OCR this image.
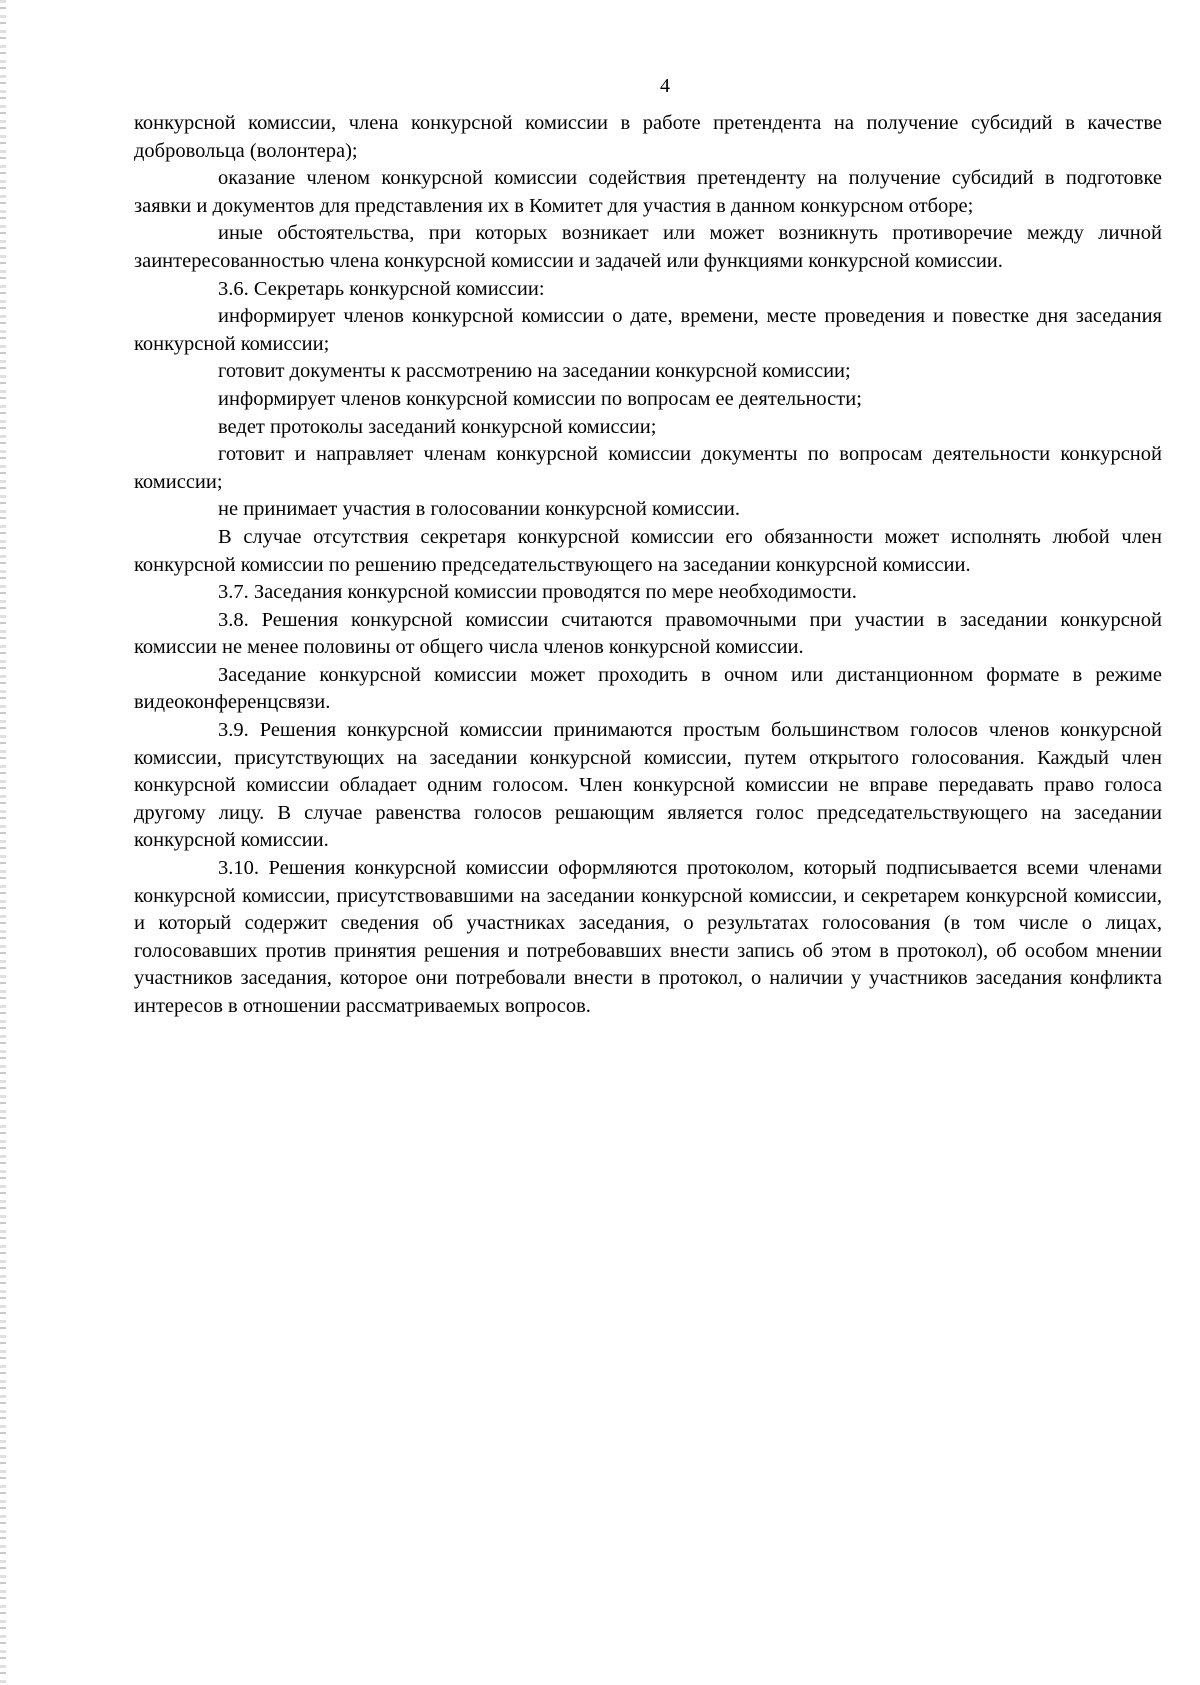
4

конкурсной комиссии, члена конкурсной комиссии в работе претендента на получение субсидий в качестве добровольца (волонтера);

оказание членом конкурсной комиссии содействия претенденту на получение субсидий в подготовке заявки и документов для представления их в Комитет для участия в данном конкурсном отборе;

иные обстоятельства, при которых возникает или может возникнуть противоречие между личной заинтересованностью члена конкурсной комиссии и задачей или функциями конкурсной комиссии.

3.6. Секретарь конкурсной комиссии:

информирует членов конкурсной комиссии о дате, времени, месте проведения и повестке дня заседания конкурсной комиссии;

готовит документы к рассмотрению на заседании конкурсной комиссии;

информирует членов конкурсной комиссии по вопросам ее деятельности;

ведет протоколы заседаний конкурсной комиссии;

готовит и направляет членам конкурсной комиссии документы по вопросам деятельности конкурсной комиссии;

не принимает участия в голосовании конкурсной комиссии.

В случае отсутствия секретаря конкурсной комиссии его обязанности может исполнять любой член конкурсной комиссии по решению председательствующего на заседании конкурсной комиссии.

3.7. Заседания конкурсной комиссии проводятся по мере необходимости.

3.8. Решения конкурсной комиссии считаются правомочными при участии в заседании конкурсной комиссии не менее половины от общего числа членов конкурсной комиссии.

Заседание конкурсной комиссии может проходить в очном или дистанционном формате в режиме видеоконференцсвязи.

3.9. Решения конкурсной комиссии принимаются простым большинством голосов членов конкурсной комиссии, присутствующих на заседании конкурсной комиссии, путем открытого голосования. Каждый член конкурсной комиссии обладает одним голосом. Член конкурсной комиссии не вправе передавать право голоса другому лицу. В случае равенства голосов решающим является голос председательствующего на заседании конкурсной комиссии.

3.10. Решения конкурсной комиссии оформляются протоколом, который подписывается всеми членами конкурсной комиссии, присутствовавшими на заседании конкурсной комиссии, и секретарем конкурсной комиссии, и который содержит сведения об участниках заседания, о результатах голосования (в том числе о лицах, голосовавших против принятия решения и потребовавших внести запись об этом в протокол), об особом мнении участников заседания, которое они потребовали внести в протокол, о наличии у участников заседания конфликта интересов в отношении рассматриваемых вопросов.
